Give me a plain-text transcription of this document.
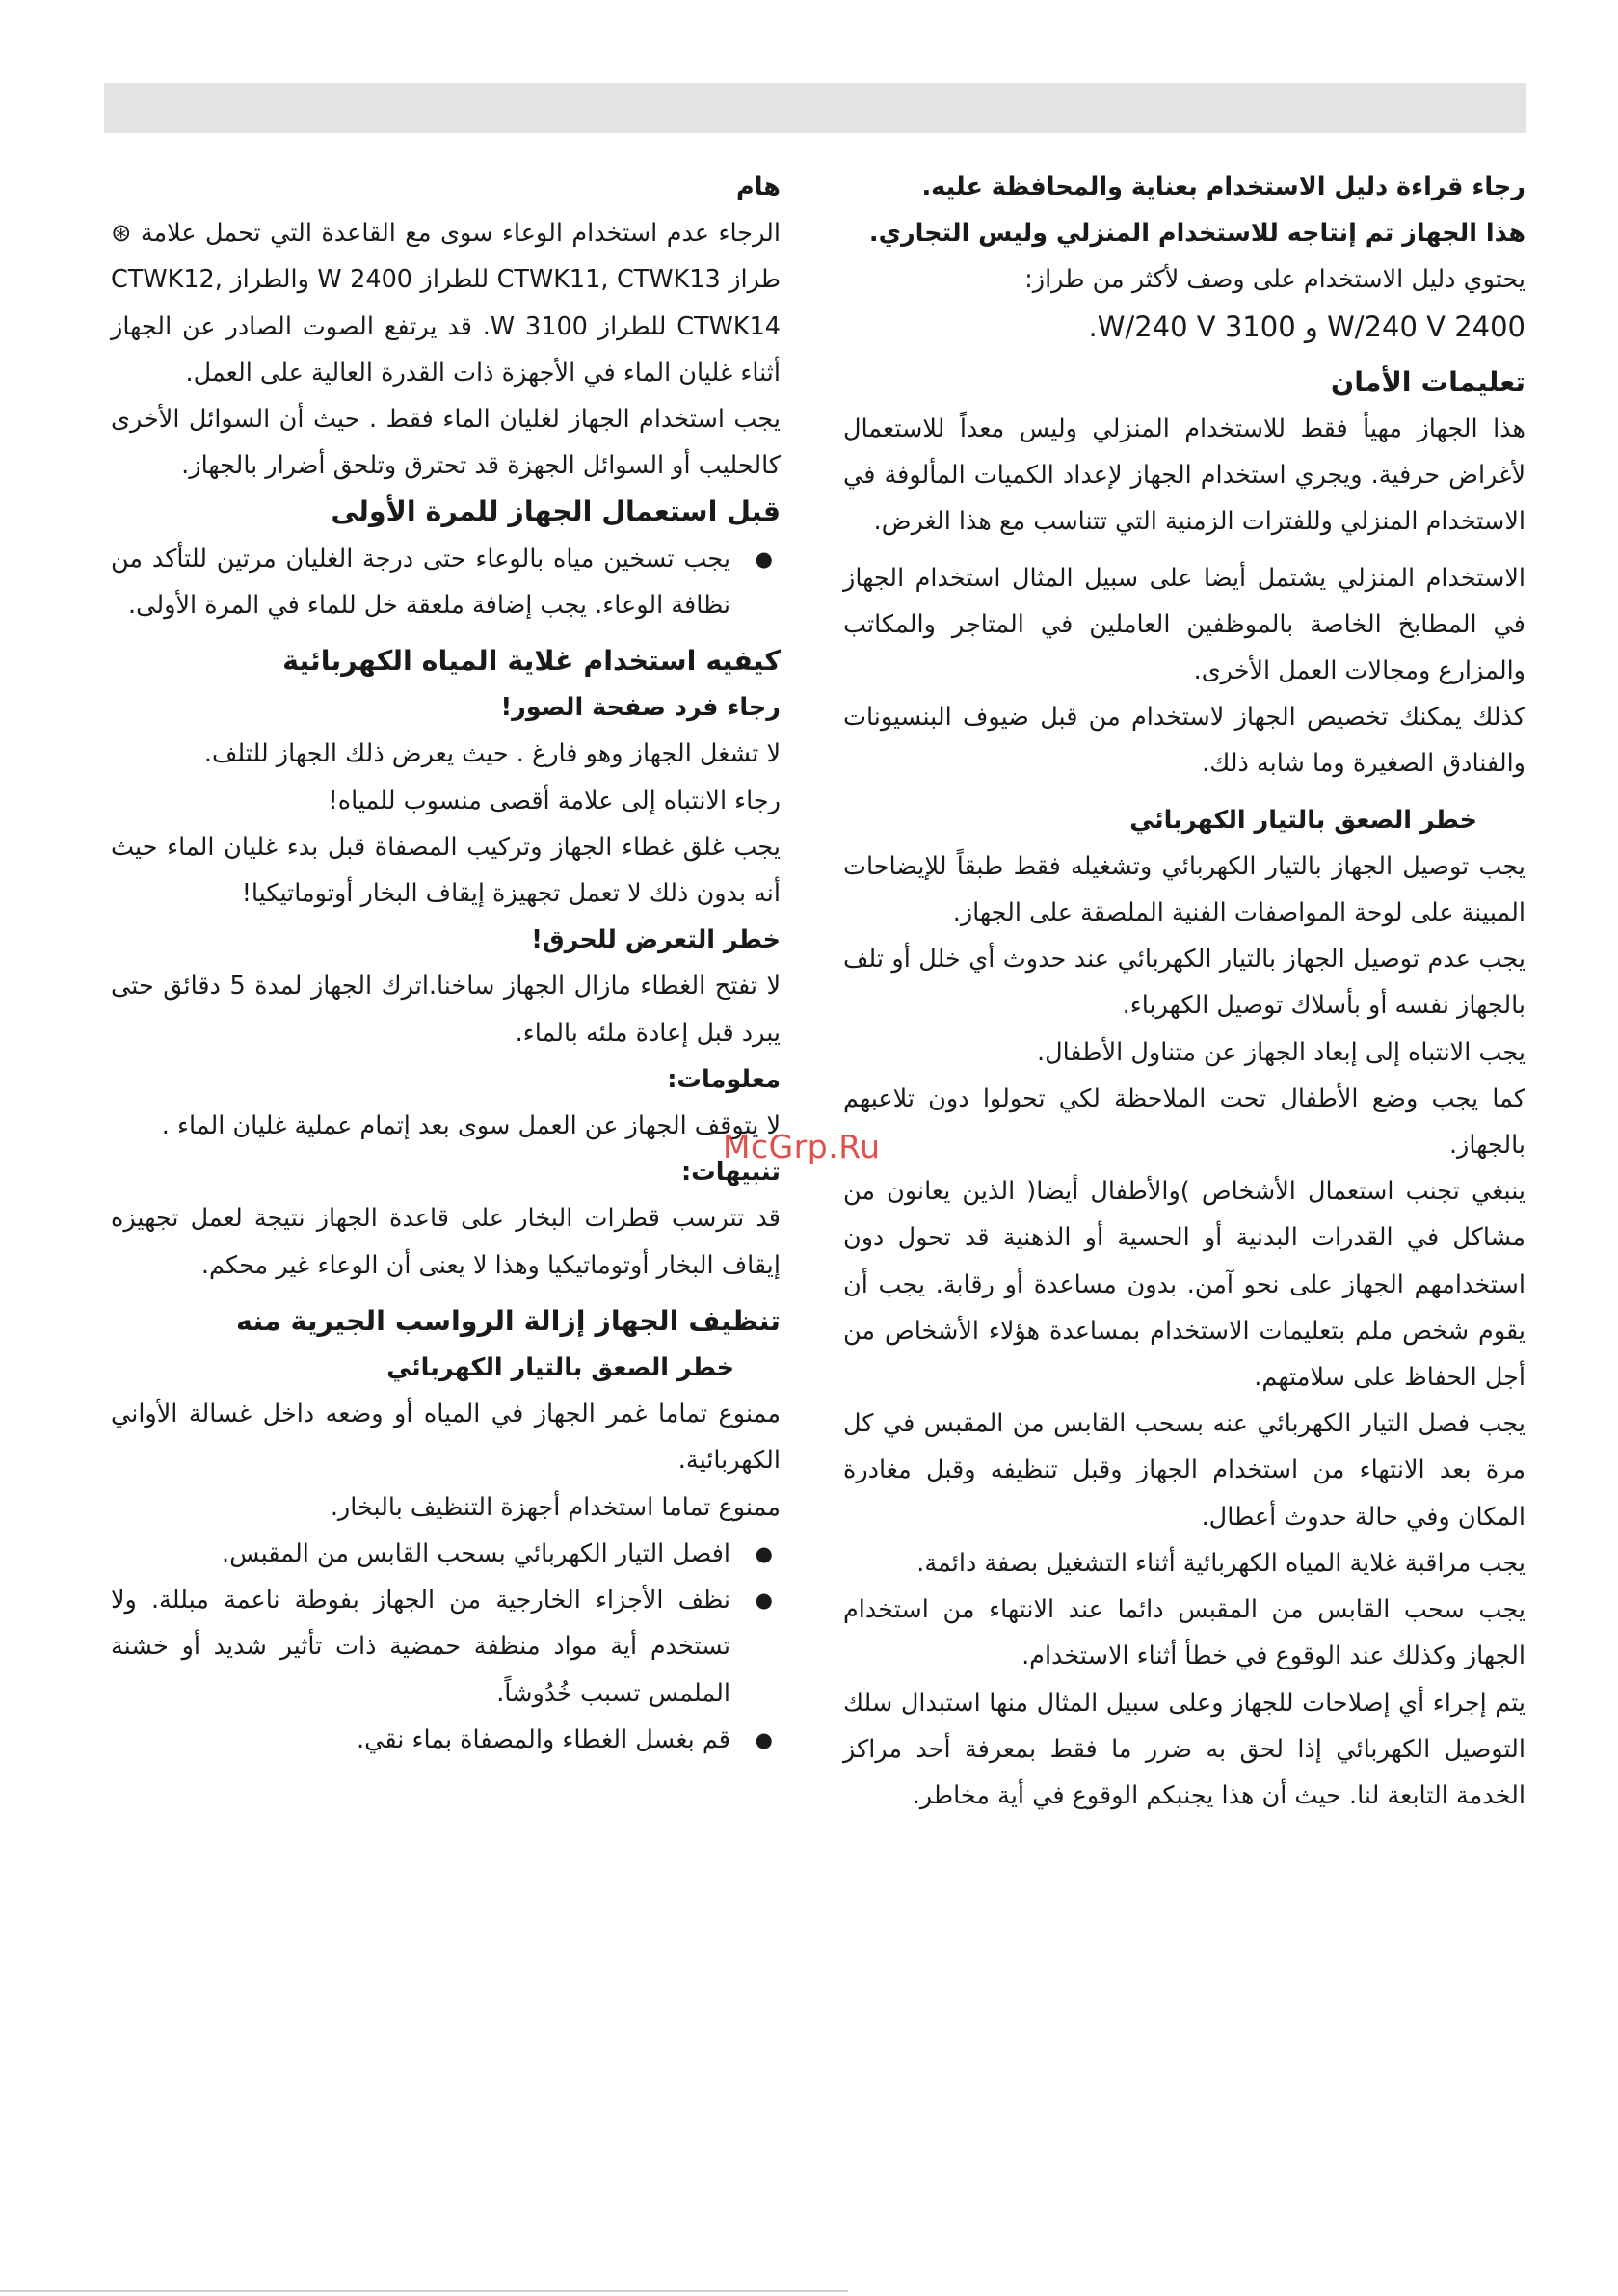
رجاء قراءة دليل الاستخدام بعناية والمحافظة عليه.

هذا الجهاز تم إنتاجه للاستخدام المنزلي وليس التجاري.

يحتوي دليل الاستخدام على وصف لأكثر من طراز:

2400 W/240 V و 3100 W/240 V.

تعليمات الأمان

هذا الجهاز مهيأ فقط للاستخدام المنزلي وليس معداً للاستعمال لأغراض حرفية. ويجري استخدام الجهاز لإعداد الكميات المألوفة في الاستخدام المنزلي وللفترات الزمنية التي تتناسب مع هذا الغرض.

الاستخدام المنزلي يشتمل أيضا على سبيل المثال استخدام الجهاز في المطابخ الخاصة بالموظفين العاملين في المتاجر والمكاتب والمزارع ومجالات العمل الأخرى.

كذلك يمكنك تخصيص الجهاز لاستخدام من قبل ضيوف البنسيونات والفنادق الصغيرة وما شابه ذلك.

خطر الصعق بالتيار الكهربائي

يجب توصيل الجهاز بالتيار الكهربائي وتشغيله فقط طبقاً للإيضاحات المبينة على لوحة المواصفات الفنية الملصقة على الجهاز.

يجب عدم توصيل الجهاز بالتيار الكهربائي عند حدوث أي خلل أو تلف بالجهاز نفسه أو بأسلاك توصيل الكهرباء.

يجب الانتباه إلى إبعاد الجهاز عن متناول الأطفال.

كما يجب وضع الأطفال تحت الملاحظة لكي تحولوا دون تلاعبهم بالجهاز.

ينبغي تجنب استعمال الأشخاص )والأطفال أيضا( الذين يعانون من مشاكل في القدرات البدنية أو الحسية أو الذهنية قد تحول دون استخدامهم الجهاز على نحو آمن. بدون مساعدة أو رقابة. يجب أن يقوم شخص ملم بتعليمات الاستخدام بمساعدة هؤلاء الأشخاص من أجل الحفاظ على سلامتهم.

يجب فصل التيار الكهربائي عنه بسحب القابس من المقبس في كل مرة بعد الانتهاء من استخدام الجهاز وقبل تنظيفه وقبل مغادرة المكان وفي حالة حدوث أعطال.

يجب مراقبة غلاية المياه الكهربائية أثناء التشغيل بصفة دائمة.

يجب سحب القابس من المقبس دائما عند الانتهاء من استخدام الجهاز وكذلك عند الوقوع في خطأ أثناء الاستخدام.

يتم إجراء أي إصلاحات للجهاز وعلى سبيل المثال منها استبدال سلك التوصيل الكهربائي إذا لحق به ضرر ما فقط بمعرفة أحد مراكز الخدمة التابعة لنا. حيث أن هذا يجنبكم الوقوع في أية مخاطر.

هام

الرجاء عدم استخدام الوعاء سوى مع القاعدة التي تحمل علامة ⊛ طراز CTWK11, CTWK13 للطراز 2400 W والطراز CTWK12, CTWK14 للطراز 3100 W. قد يرتفع الصوت الصادر عن الجهاز أثناء غليان الماء في الأجهزة ذات القدرة العالية على العمل.

يجب استخدام الجهاز لغليان الماء فقط . حيث أن السوائل الأخرى كالحليب أو السوائل الجهزة قد تحترق وتلحق أضرار بالجهاز.

قبل استعمال الجهاز للمرة الأولى

● يجب تسخين مياه بالوعاء حتى درجة الغليان مرتين للتأكد من نظافة الوعاء. يجب إضافة ملعقة خل للماء في المرة الأولى.

كيفيه استخدام غلاية المياه الكهربائية

رجاء فرد صفحة الصور!

لا تشغل الجهاز وهو فارغ . حيث يعرض ذلك الجهاز للتلف.

رجاء الانتباه إلى علامة أقصى منسوب للمياه!

يجب غلق غطاء الجهاز وتركيب المصفاة قبل بدء غليان الماء حيث أنه بدون ذلك لا تعمل تجهيزة إيقاف البخار أوتوماتيكيا!

خطر التعرض للحرق!

لا تفتح الغطاء مازال الجهاز ساخنا.اترك الجهاز لمدة 5 دقائق حتى يبرد قبل إعادة ملئه بالماء.

معلومات:

لا يتوقف الجهاز عن العمل سوى بعد إتمام عملية غليان الماء .

تنبيهات:

قد تترسب قطرات البخار على قاعدة الجهاز نتيجة لعمل تجهيزه إيقاف البخار أوتوماتيكيا وهذا لا يعنى أن الوعاء غير محكم.

تنظيف الجهاز إزالة الرواسب الجيرية منه

خطر الصعق بالتيار الكهربائي

ممنوع تماما غمر الجهاز في المياه أو وضعه داخل غسالة الأواني الكهربائية.

ممنوع تماما استخدام أجهزة التنظيف بالبخار.

● افصل التيار الكهربائي بسحب القابس من المقبس.

● نظف الأجزاء الخارجية من الجهاز بفوطة ناعمة مبللة. ولا تستخدم أية مواد منظفة حمضية ذات تأثير شديد أو خشنة الملمس تسبب خُدُوشاً.

● قم بغسل الغطاء والمصفاة بماء نقي.

McGrp.Ru
